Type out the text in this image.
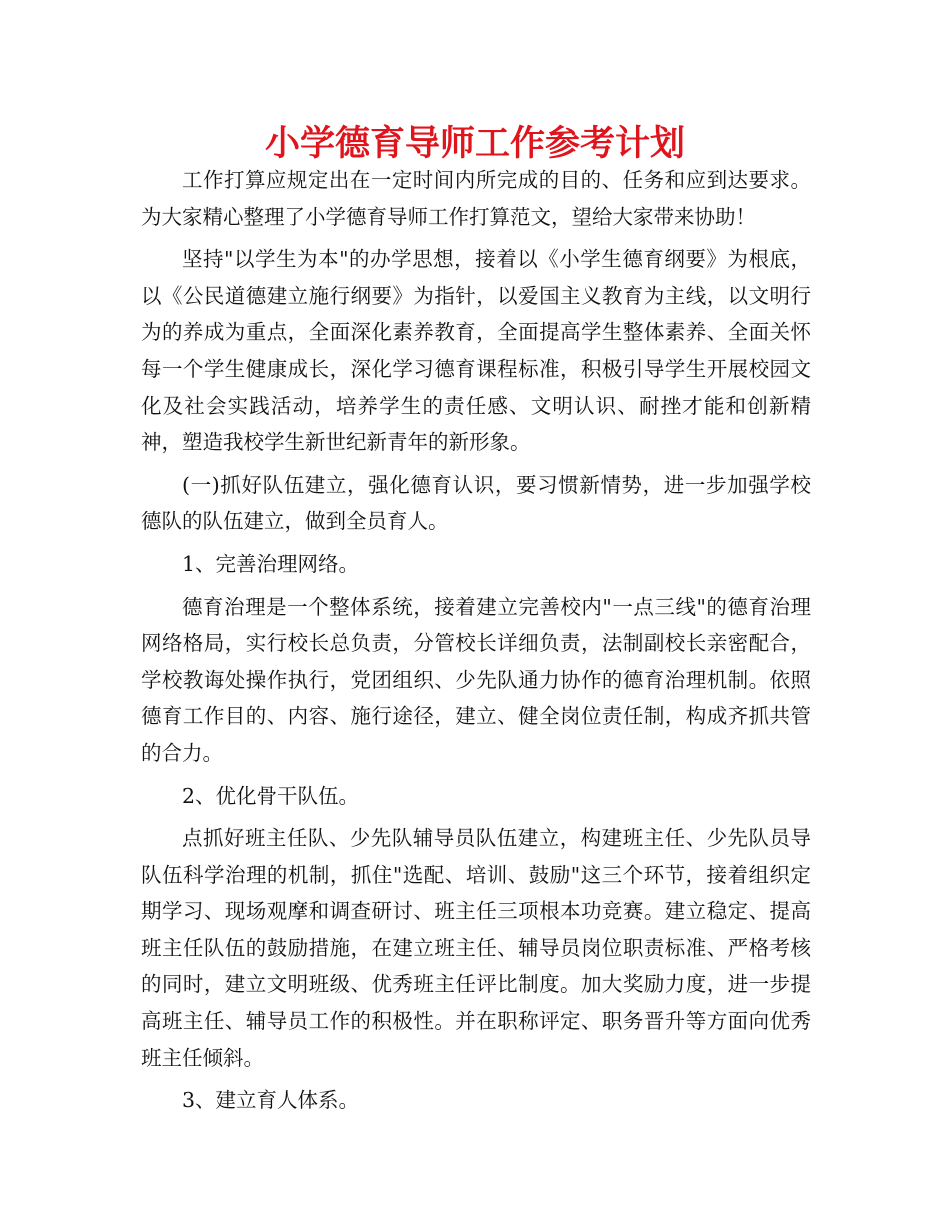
小学德育导师工作参考计划

工作打算应规定出在一定时间内所完成的目的、任务和应到达要求。为大家精心整理了小学德育导师工作打算范文，望给大家带来协助！

坚持"以学生为本"的办学思想，接着以《小学生德育纲要》为根底，以《公民道德建立施行纲要》为指针，以爱国主义教育为主线，以文明行为的养成为重点，全面深化素养教育，全面提高学生整体素养、全面关怀每一个学生健康成长，深化学习德育课程标准，积极引导学生开展校园文化及社会实践活动，培养学生的责任感、文明认识、耐挫才能和创新精神，塑造我校学生新世纪新青年的新形象。

(一)抓好队伍建立，强化德育认识，要习惯新情势，进一步加强学校德队的队伍建立，做到全员育人。

1、完善治理网络。

德育治理是一个整体系统，接着建立完善校内"一点三线"的德育治理网络格局，实行校长总负责，分管校长详细负责，法制副校长亲密配合，学校教诲处操作执行，党团组织、少先队通力协作的德育治理机制。依照德育工作目的、内容、施行途径，建立、健全岗位责任制，构成齐抓共管的合力。

2、优化骨干队伍。

点抓好班主任队、少先队辅导员队伍建立，构建班主任、少先队员导队伍科学治理的机制，抓住"选配、培训、鼓励"这三个环节，接着组织定期学习、现场观摩和调查研讨、班主任三项根本功竞赛。建立稳定、提高班主任队伍的鼓励措施，在建立班主任、辅导员岗位职责标准、严格考核的同时，建立文明班级、优秀班主任评比制度。加大奖励力度，进一步提高班主任、辅导员工作的积极性。并在职称评定、职务晋升等方面向优秀班主任倾斜。

3、建立育人体系。
